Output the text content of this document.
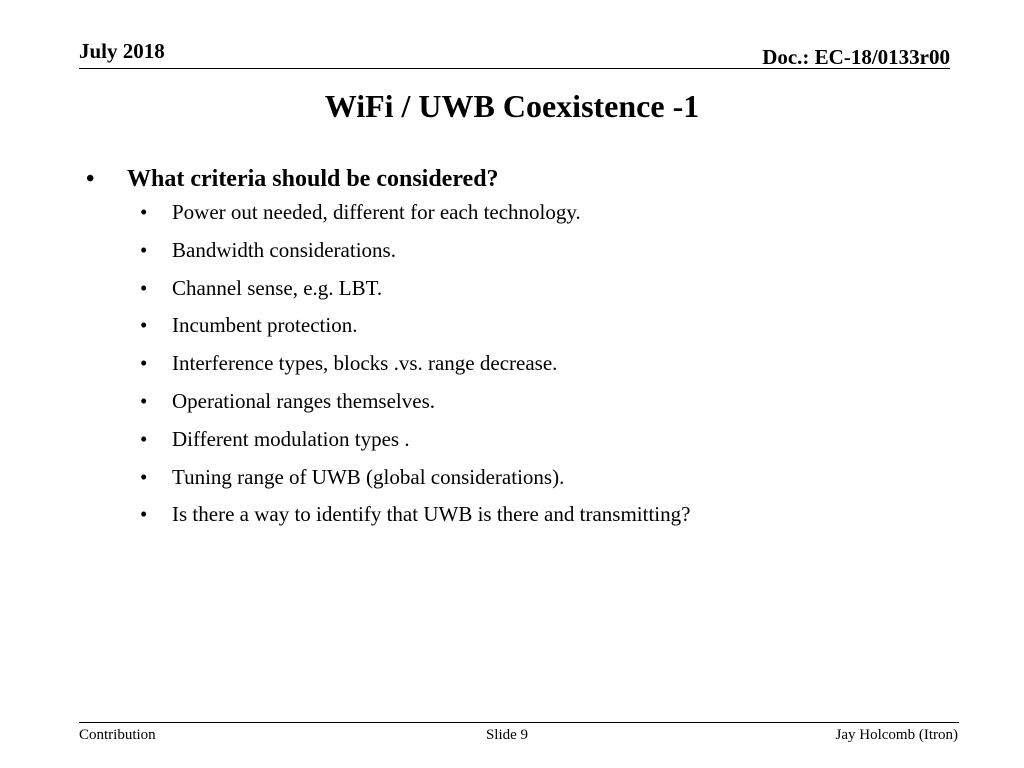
July 2018	Doc.: EC-18/0133r00
WiFi / UWB Coexistence -1
•	What criteria should be considered?
•	Power out needed, different for each technology.
•	Bandwidth considerations.
•	Channel sense, e.g. LBT.
•	Incumbent protection.
•	Interference types, blocks .vs. range decrease.
•	Operational ranges themselves.
•	Different modulation types .
•	Tuning range of UWB (global considerations).
•	Is there a way to identify that UWB is there and transmitting?
Contribution	Slide 9	Jay Holcomb (Itron)
